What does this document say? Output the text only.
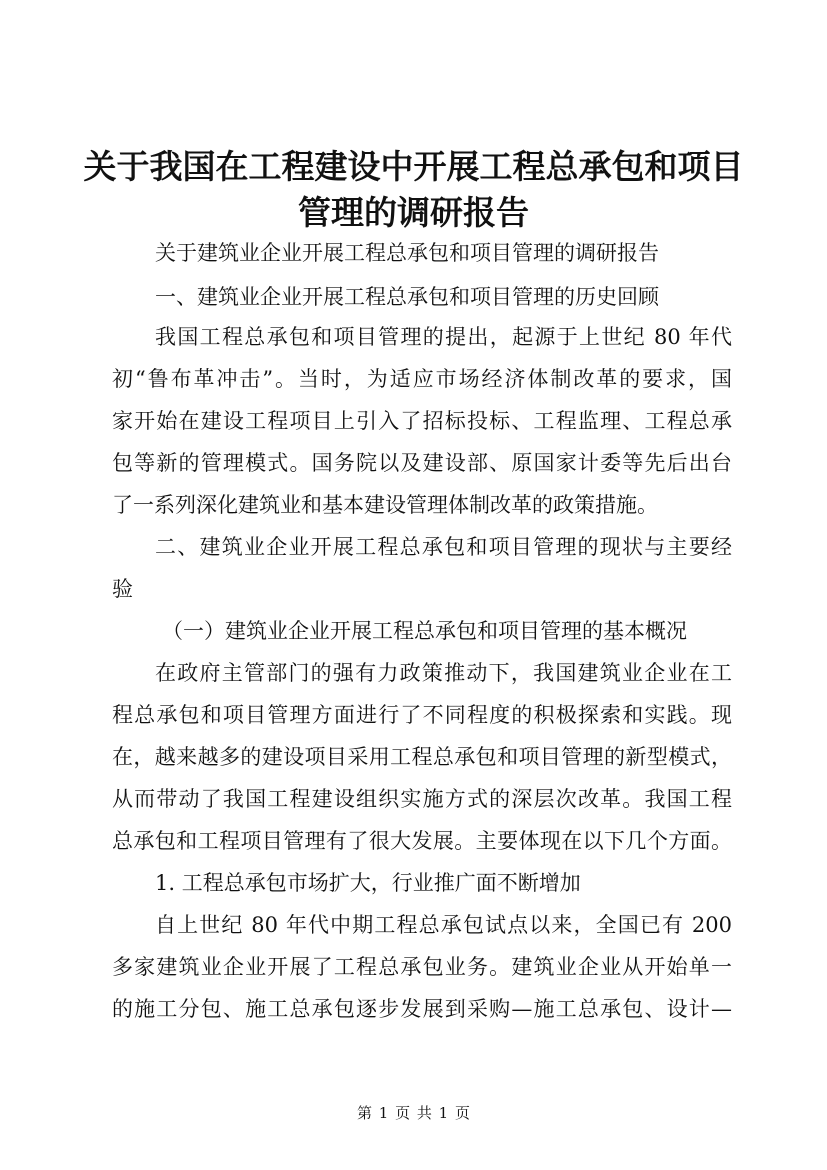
关于我国在工程建设中开展工程总承包和项目
管理的调研报告
关于建筑业企业开展工程总承包和项目管理的调研报告
一、建筑业企业开展工程总承包和项目管理的历史回顾
我国工程总承包和项目管理的提出，起源于上世纪 80 年代
初“鲁布革冲击”。当时，为适应市场经济体制改革的要求，国
家开始在建设工程项目上引入了招标投标、工程监理、工程总承
包等新的管理模式。国务院以及建设部、原国家计委等先后出台
了一系列深化建筑业和基本建设管理体制改革的政策措施。
二、建筑业企业开展工程总承包和项目管理的现状与主要经
验
（一）建筑业企业开展工程总承包和项目管理的基本概况
在政府主管部门的强有力政策推动下，我国建筑业企业在工
程总承包和项目管理方面进行了不同程度的积极探索和实践。现
在，越来越多的建设项目采用工程总承包和项目管理的新型模式，
从而带动了我国工程建设组织实施方式的深层次改革。我国工程
总承包和工程项目管理有了很大发展。主要体现在以下几个方面。
1. 工程总承包市场扩大，行业推广面不断增加
自上世纪 80 年代中期工程总承包试点以来，全国已有 200
多家建筑业企业开展了工程总承包业务。建筑业企业从开始单一
的施工分包、施工总承包逐步发展到采购—施工总承包、设计—
第 1 页 共 1 页
